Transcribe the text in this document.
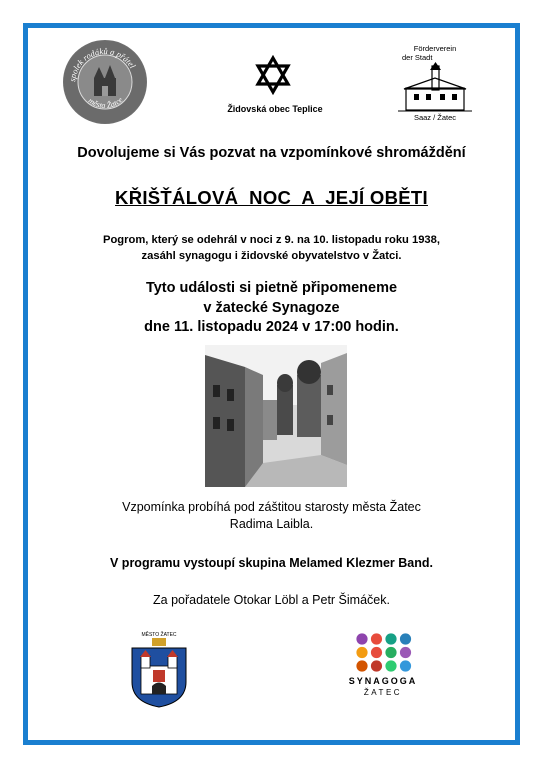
spolek rodáků a přátel
města Žatce
Židovská obec Teplice
Förderverein
der Stadt
Saaz / Žatec
Dovolujeme si Vás pozvat na vzpomínkové shromáždění
KŘIŠŤÁLOVÁ  NOC  A  JEJÍ OBĚTI
Pogrom, který se odehrál v noci z 9. na 10. listopadu roku 1938,
zasáhl synagogu i židovské obyvatelstvo v Žatci.
Tyto události si pietně připomeneme
v žatecké Synagoze
dne 11. listopadu 2024 v 17:00 hodin.
Vzpomínka probíhá pod záštitou starosty města Žatec
Radima Laibla.
V programu vystoupí skupina Melamed Klezmer Band.
Za pořadatele Otokar Löbl a Petr Šimáček.
MĚSTO ŽATEC
SYNAGOGA
ŽATEC
